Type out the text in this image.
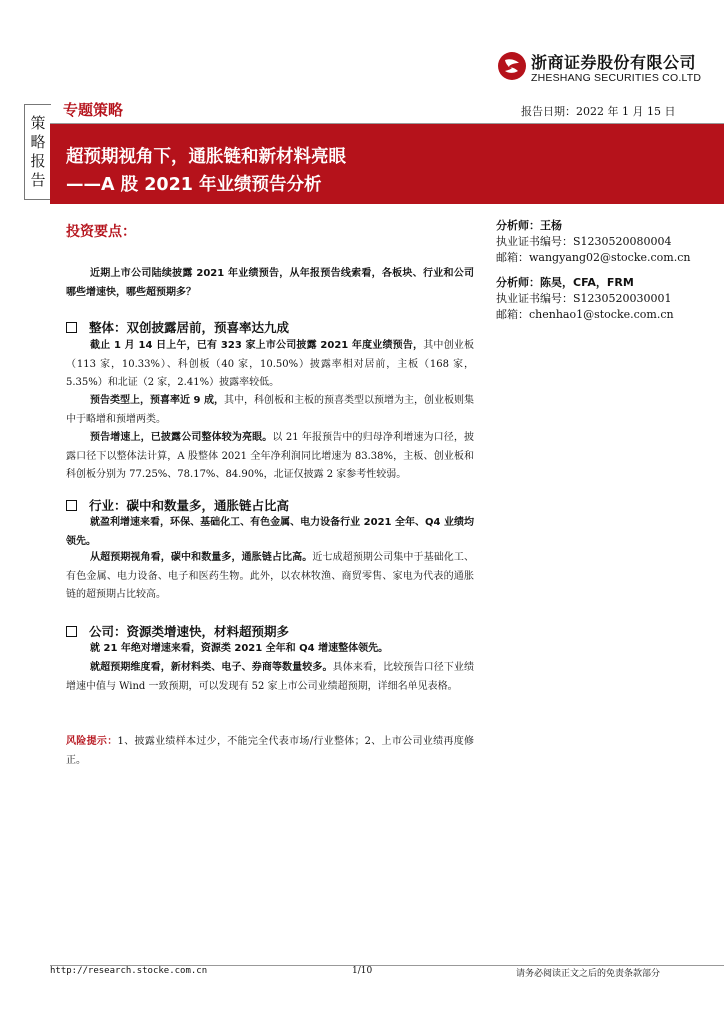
浙商证券股份有限公司
ZHESHANG SECURITIES CO.LTD
策
略
报
告
专题策略	报告日期：2022 年 1 月 15 日
超预期视角下，通胀链和新材料亮眼
——A 股 2021 年业绩预告分析
投资要点：	分析师：王杨
执业证书编号：S1230520080004
邮箱：wangyang02@stocke.com.cn
分析师：陈昊，CFA，FRM
执业证书编号：S1230520030001
邮箱：chenhao1@stocke.com.cn
近期上市公司陆续披露 2021 年业绩预告，从年报预告线索看，各板块、行业和公司哪些增速快，哪些超预期多？
整体：双创披露居前，预喜率达九成
截止 1 月 14 日上午，已有 323 家上市公司披露 2021 年度业绩预告，其中创业板（113 家，10.33%）、科创板（40 家，10.50%）披露率相对居前，主板（168 家，5.35%）和北证（2 家，2.41%）披露率较低。
预告类型上，预喜率近 9 成，其中，科创板和主板的预喜类型以预增为主，创业板则集中于略增和预增两类。
预告增速上，已披露公司整体较为亮眼。以 21 年报预告中的归母净利增速为口径，披露口径下以整体法计算，A 股整体 2021 全年净利润同比增速为 83.38%，主板、创业板和科创板分别为 77.25%、78.17%、84.90%，北证仅披露 2 家参考性较弱。
行业：碳中和数量多，通胀链占比高
就盈利增速来看，环保、基础化工、有色金属、电力设备行业 2021 全年、Q4 业绩均领先。
从超预期视角看，碳中和数量多，通胀链占比高。近七成超预期公司集中于基础化工、有色金属、电力设备、电子和医药生物。此外，以农林牧渔、商贸零售、家电为代表的通胀链的超预期占比较高。
公司：资源类增速快，材料超预期多
就 21 年绝对增速来看，资源类 2021 全年和 Q4 增速整体领先。
就超预期维度看，新材料类、电子、券商等数量较多。具体来看，比较预告口径下业绩增速中值与 Wind 一致预期，可以发现有 52 家上市公司业绩超预期，详细名单见表格。
风险提示：1、披露业绩样本过少，不能完全代表市场/行业整体；2、上市公司业绩再度修正。
http://research.stocke.com.cn	1/10	请务必阅读正文之后的免责条款部分
